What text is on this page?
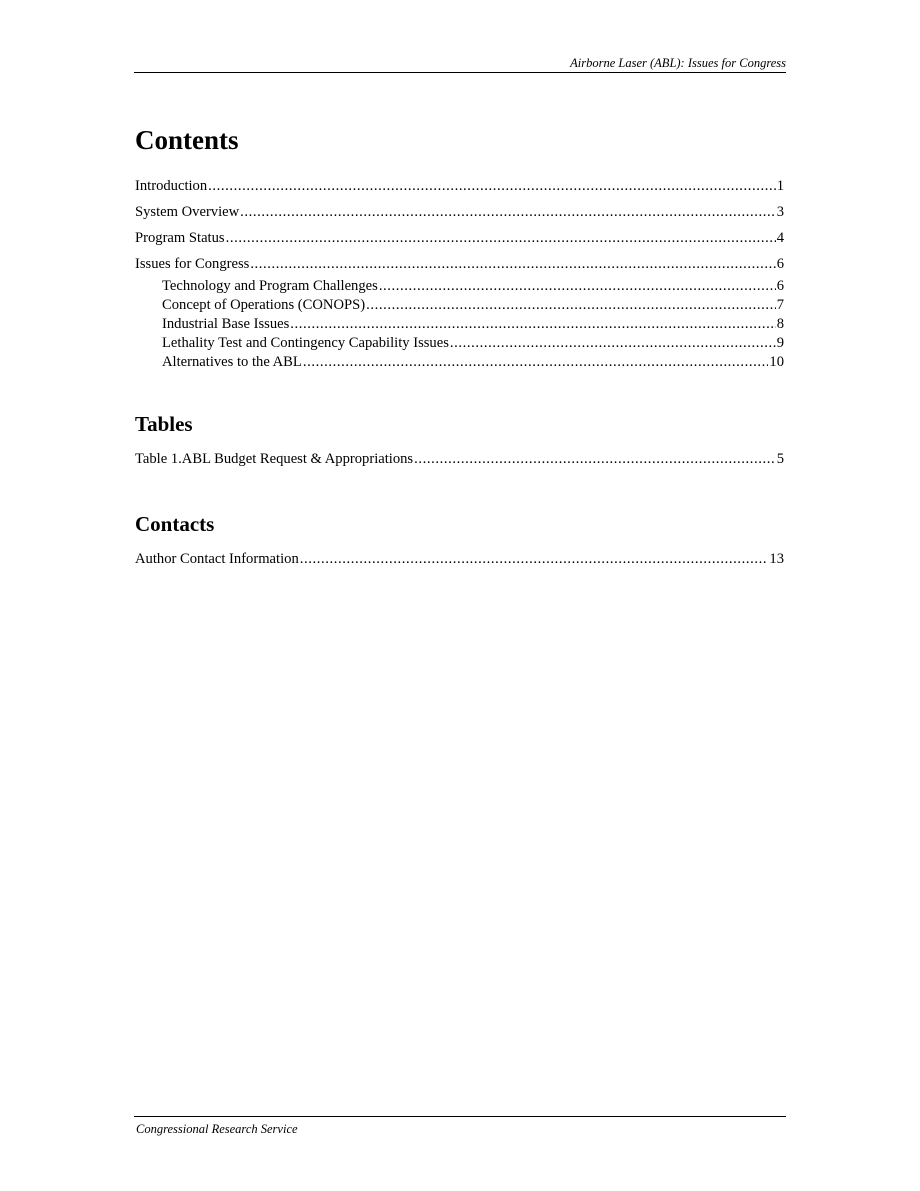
Airborne Laser (ABL): Issues for Congress
Contents
Introduction .....	1
System Overview .....	3
Program Status .....	4
Issues for Congress .....	6
Technology and Program Challenges .....	6
Concept of Operations (CONOPS) .....	7
Industrial Base Issues .....	8
Lethality Test and Contingency Capability Issues .....	9
Alternatives to the ABL .....	10
Tables
Table 1.ABL Budget Request & Appropriations .....	5
Contacts
Author Contact Information .....	13
Congressional Research Service
